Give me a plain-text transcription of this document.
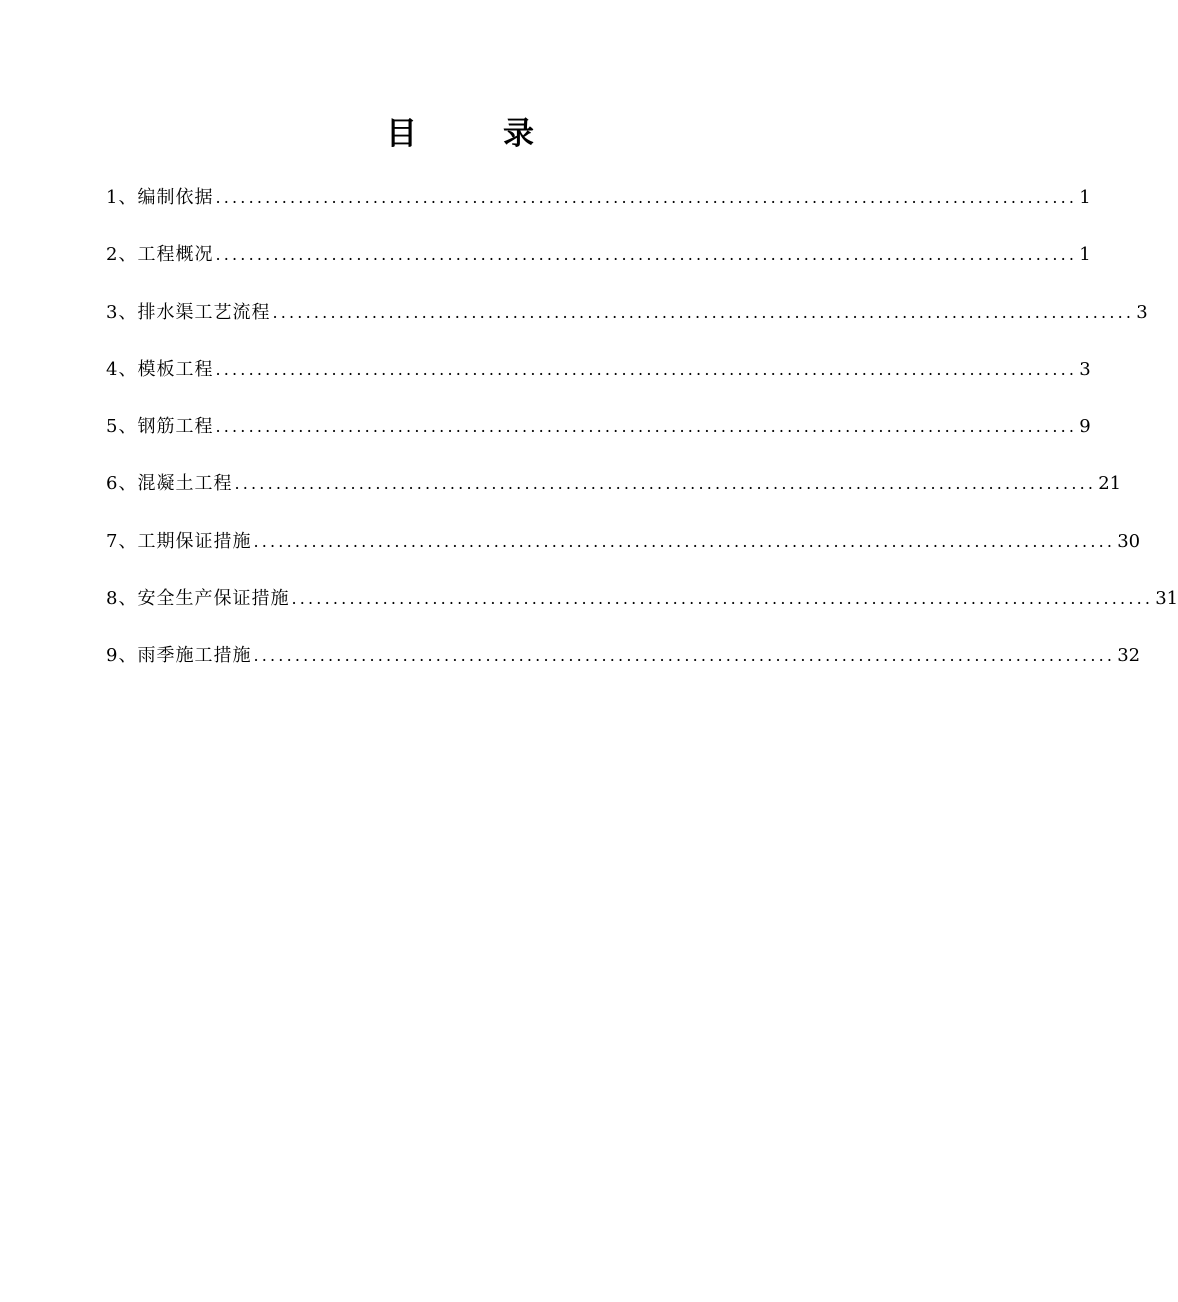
目	录
1、编制依据 ........................................................................................................ 1
2、工程概况 ........................................................................................................ 1
3、排水渠工艺流程 ........................................................................................................ 3
4、模板工程 ........................................................................................................ 3
5、钢筋工程 ........................................................................................................ 9
6、混凝土工程 ........................................................................................................ 21
7、工期保证措施 ........................................................................................................ 30
8、安全生产保证措施 ........................................................................................................ 31
9、雨季施工措施 ........................................................................................................ 32
